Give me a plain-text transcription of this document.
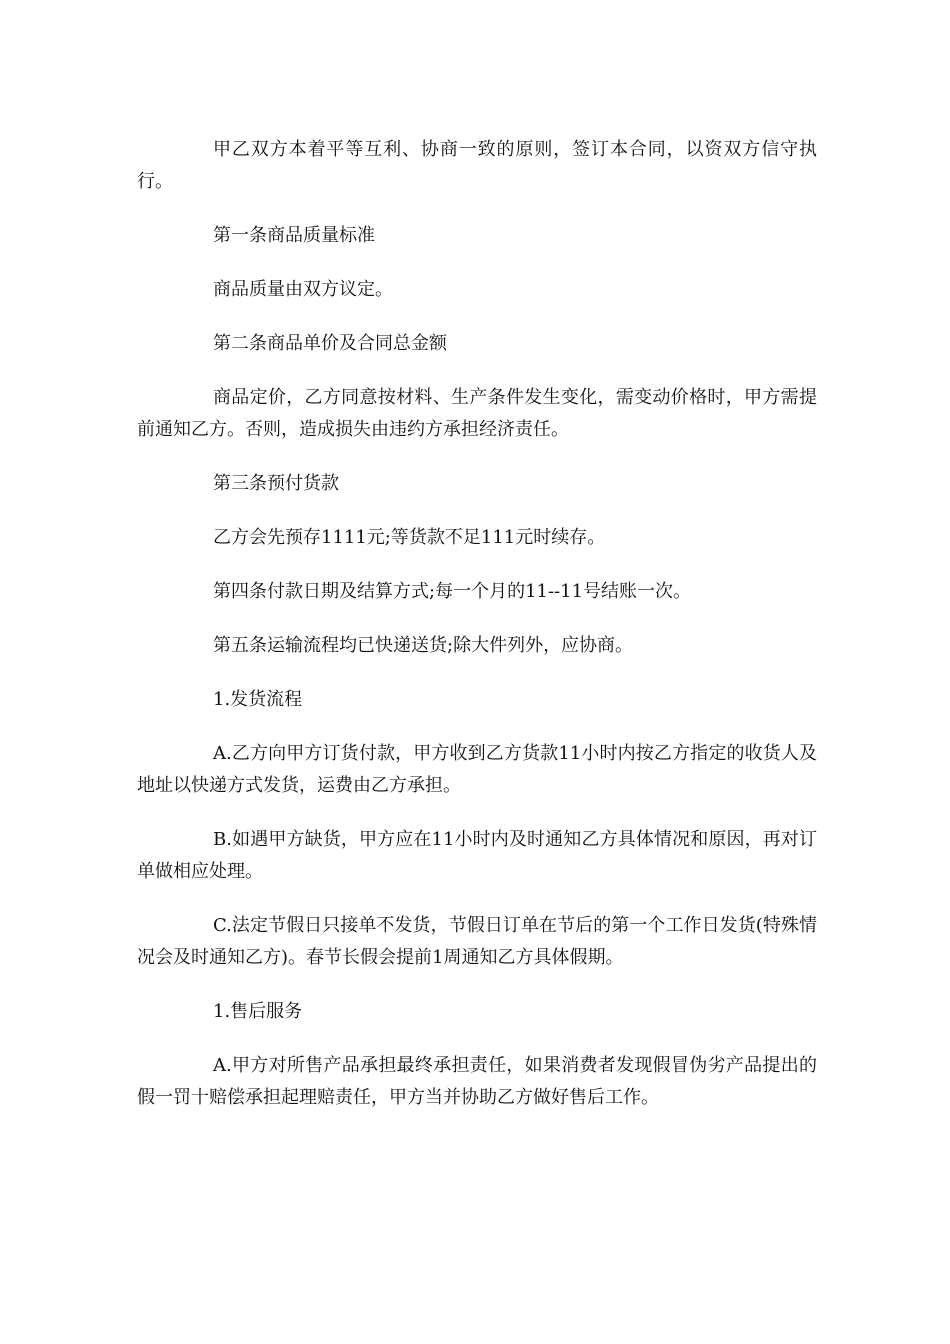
甲乙双方本着平等互利、协商一致的原则，签订本合同，以资双方信守执行。

第一条商品质量标准

商品质量由双方议定。

第二条商品单价及合同总金额

商品定价，乙方同意按材料、生产条件发生变化，需变动价格时，甲方需提前通知乙方。否则，造成损失由违约方承担经济责任。

第三条预付货款

乙方会先预存1111元;等货款不足111元时续存。

第四条付款日期及结算方式;每一个月的11--11号结账一次。

第五条运输流程均已快递送货;除大件列外，应协商。

1.发货流程

A.乙方向甲方订货付款，甲方收到乙方货款11小时内按乙方指定的收货人及地址以快递方式发货，运费由乙方承担。

B.如遇甲方缺货，甲方应在11小时内及时通知乙方具体情况和原因，再对订单做相应处理。

C.法定节假日只接单不发货，节假日订单在节后的第一个工作日发货(特殊情况会及时通知乙方)。春节长假会提前1周通知乙方具体假期。

1.售后服务

A.甲方对所售产品承担最终承担责任，如果消费者发现假冒伪劣产品提出的假一罚十赔偿承担起理赔责任，甲方当并协助乙方做好售后工作。
